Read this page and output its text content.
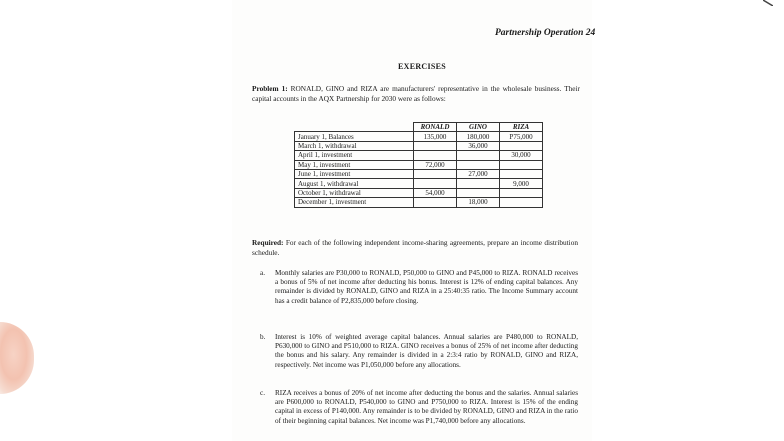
Partnership Operation 24
EXERCISES
Problem 1: RONALD, GINO and RIZA are manufacturers' representative in the wholesale business. Their capital accounts in the AQX Partnership for 2030 were as follows:
	RONALD	GINO	RIZA
January 1, Balances	135,000	180,000	P75,000
March 1, withdrawal		36,000	
April 1, investment			30,000
May 1, investment	72,000		
June 1, investment		27,000	
August 1, withdrawal			9,000
October 1, withdrawal	54,000		
December 1, investment		18,000	
Required: For each of the following independent income-sharing agreements, prepare an income distribution schedule.
a. Monthly salaries are P30,000 to RONALD, P50,000 to GINO and P45,000 to RIZA. RONALD receives a bonus of 5% of net income after deducting his bonus. Interest is 12% of ending capital balances. Any remainder is divided by RONALD, GINO and RIZA in a 25:40:35 ratio. The Income Summary account has a credit balance of P2,835,000 before closing.
b. Interest is 10% of weighted average capital balances. Annual salaries are P480,000 to RONALD, P630,000 to GINO and P510,000 to RIZA. GINO receives a bonus of 25% of net income after deducting the bonus and his salary. Any remainder is divided in a 2:3:4 ratio by RONALD, GINO and RIZA, respectively. Net income was P1,050,000 before any allocations.
c. RIZA receives a bonus of 20% of net income after deducting the bonus and the salaries. Annual salaries are P600,000 to RONALD, P540,000 to GINO and P750,000 to RIZA. Interest is 15% of the ending capital in excess of P140,000. Any remainder is to be divided by RONALD, GINO and RIZA in the ratio of their beginning capital balances. Net income was P1,740,000 before any allocations.
